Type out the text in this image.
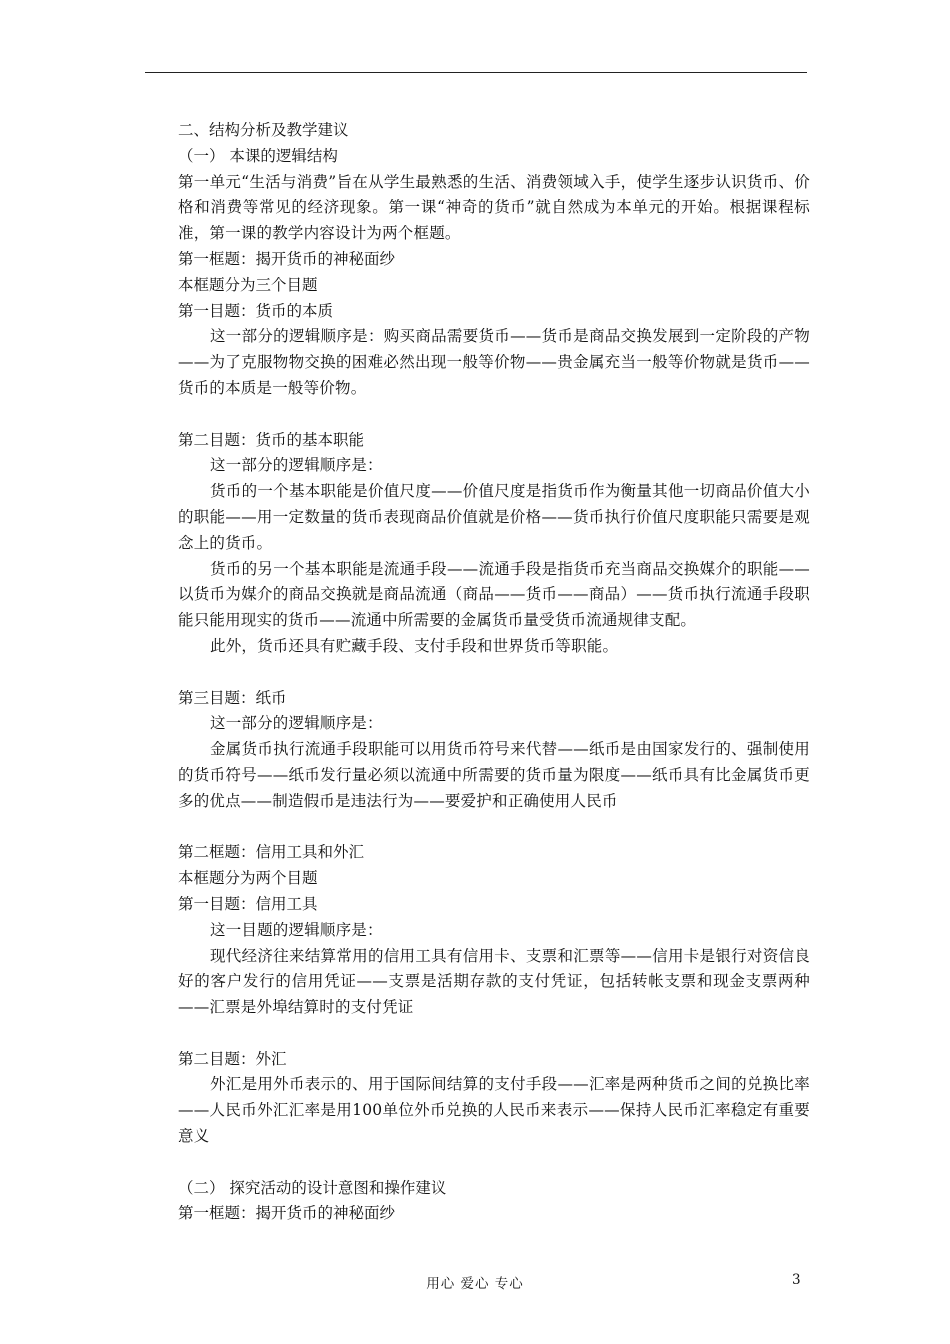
二、结构分析及教学建议
（一） 本课的逻辑结构
第一单元“生活与消费”旨在从学生最熟悉的生活、消费领域入手，使学生逐步认识货币、价格和消费等常见的经济现象。第一课“神奇的货币”就自然成为本单元的开始。根据课程标准，第一课的教学内容设计为两个框题。
第一框题：揭开货币的神秘面纱
本框题分为三个目题
第一目题：货币的本质
这一部分的逻辑顺序是：购买商品需要货币——货币是商品交换发展到一定阶段的产物——为了克服物物交换的困难必然出现一般等价物——贵金属充当一般等价物就是货币——货币的本质是一般等价物。
第二目题：货币的基本职能
这一部分的逻辑顺序是：
货币的一个基本职能是价值尺度——价值尺度是指货币作为衡量其他一切商品价值大小的职能——用一定数量的货币表现商品价值就是价格——货币执行价值尺度职能只需要是观念上的货币。
货币的另一个基本职能是流通手段——流通手段是指货币充当商品交换媒介的职能——以货币为媒介的商品交换就是商品流通（商品——货币——商品）——货币执行流通手段职能只能用现实的货币——流通中所需要的金属货币量受货币流通规律支配。
此外，货币还具有贮藏手段、支付手段和世界货币等职能。
第三目题：纸币
这一部分的逻辑顺序是：
金属货币执行流通手段职能可以用货币符号来代替——纸币是由国家发行的、强制使用的货币符号——纸币发行量必须以流通中所需要的货币量为限度——纸币具有比金属货币更多的优点——制造假币是违法行为——要爱护和正确使用人民币
第二框题：信用工具和外汇
本框题分为两个目题
第一目题：信用工具
这一目题的逻辑顺序是：
现代经济往来结算常用的信用工具有信用卡、支票和汇票等——信用卡是银行对资信良好的客户发行的信用凭证——支票是活期存款的支付凭证，包括转帐支票和现金支票两种——汇票是外埠结算时的支付凭证
第二目题：外汇
外汇是用外币表示的、用于国际间结算的支付手段——汇率是两种货币之间的兑换比率——人民币外汇汇率是用100单位外币兑换的人民币来表示——保持人民币汇率稳定有重要意义
（二） 探究活动的设计意图和操作建议
第一框题：揭开货币的神秘面纱
用心 爱心 专心	3
